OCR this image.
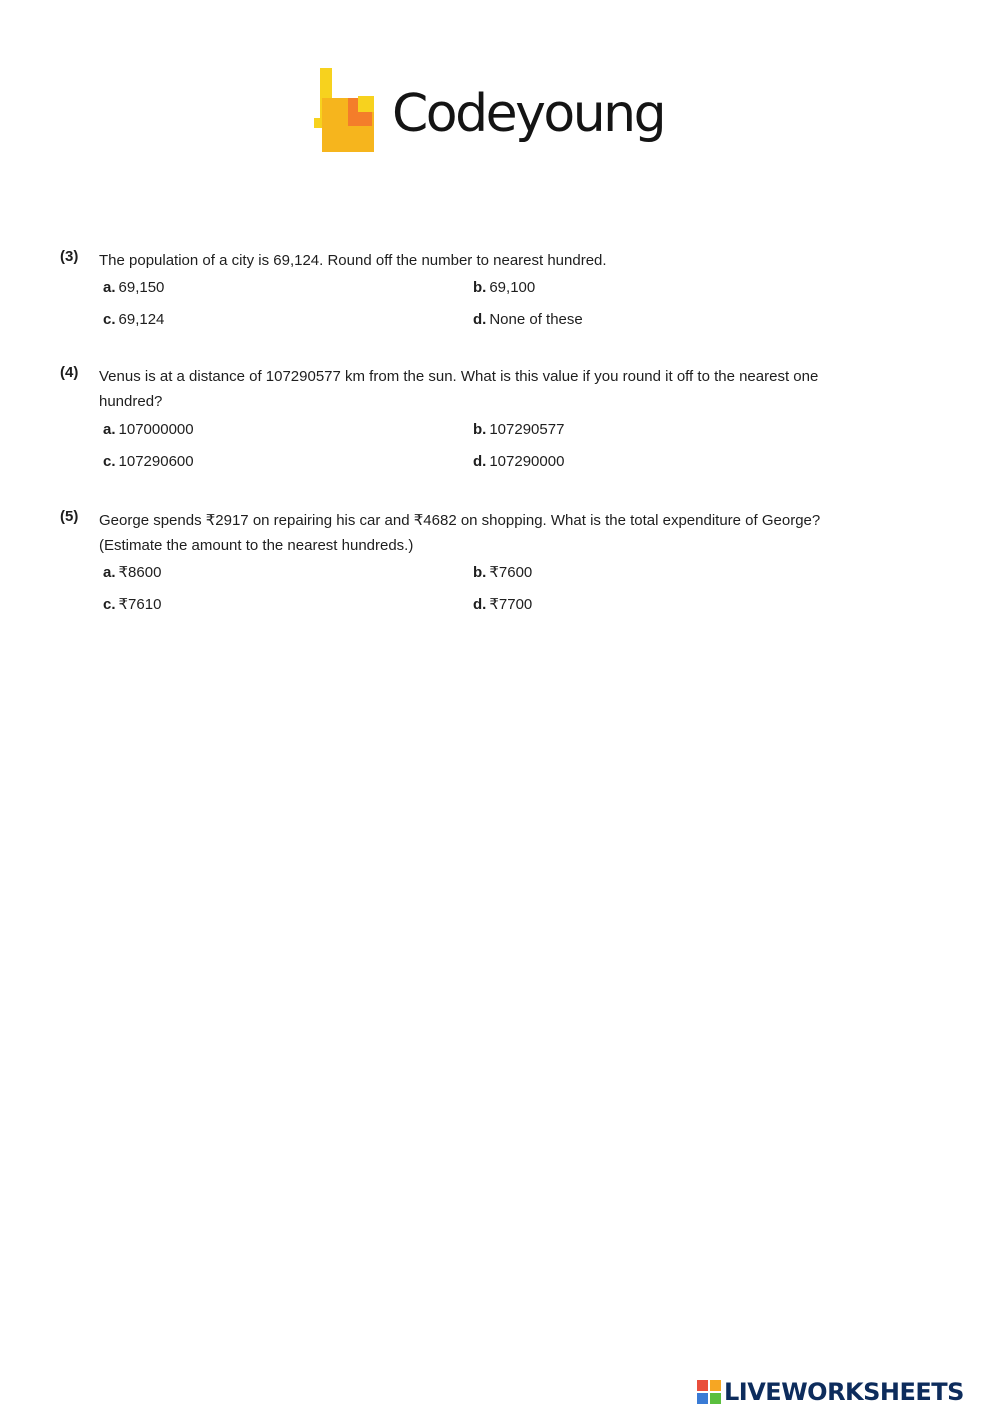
Codeyoung
(3) The population of a city is 69,124. Round off the number to nearest hundred.
a. 69,150	b. 69,100
c. 69,124	d. None of these
(4) Venus is at a distance of 107290577 km from the sun. What is this value if you round it off to the nearest one hundred?
a. 107000000	b. 107290577
c. 107290600	d. 107290000
(5) George spends ₹2917 on repairing his car and ₹4682 on shopping. What is the total expenditure of George? (Estimate the amount to the nearest hundreds.)
a. ₹8600	b. ₹7600
c. ₹7610	d. ₹7700
LIVEWORKSHEETS
